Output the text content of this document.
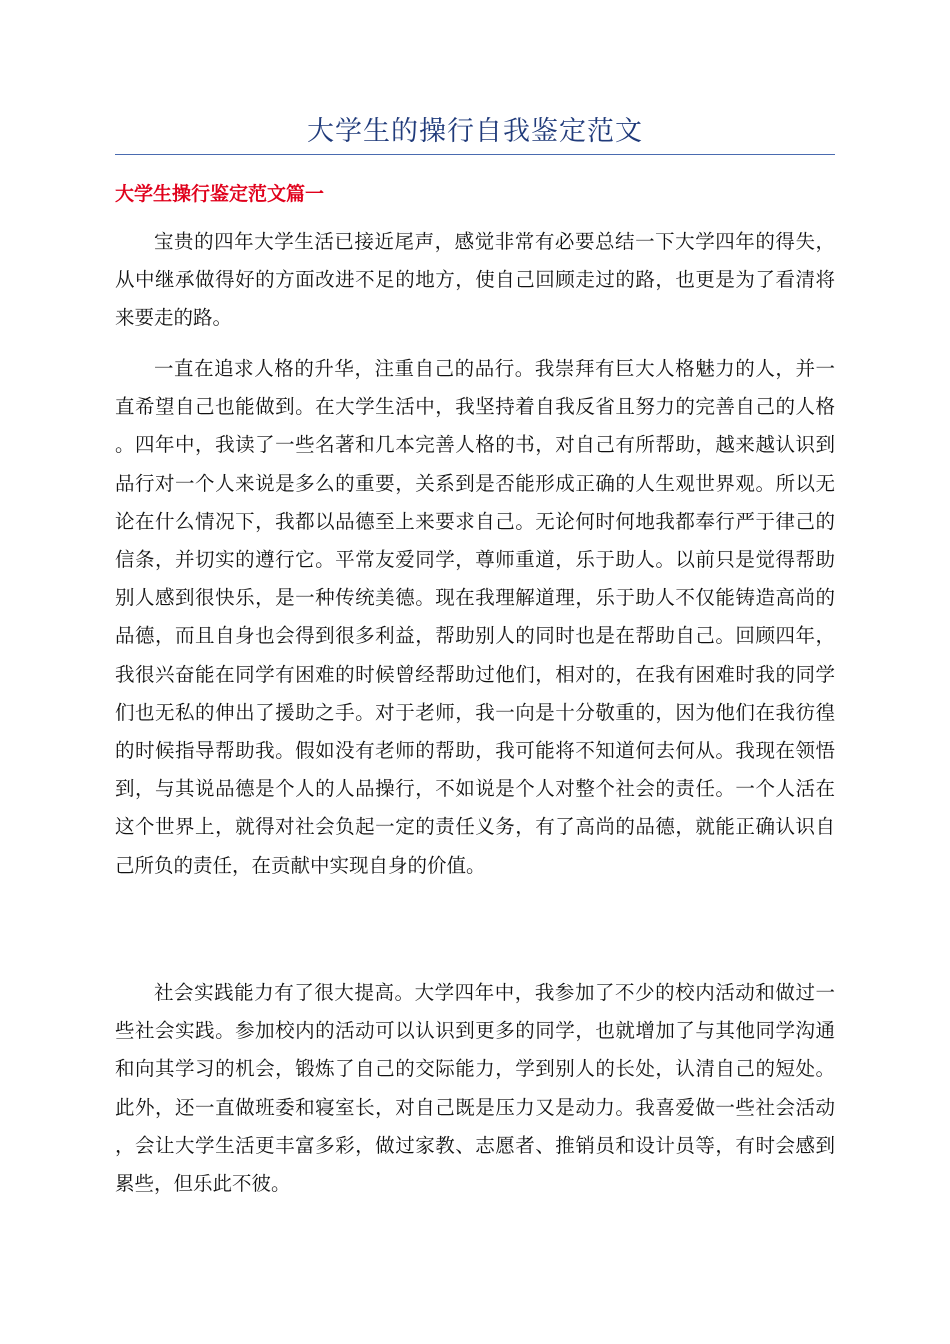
大学生的操行自我鉴定范文
大学生操行鉴定范文篇一

宝贵的四年大学生活已接近尾声，感觉非常有必要总结一下大学四年的得失，从中继承做得好的方面改进不足的地方，使自己回顾走过的路，也更是为了看清将来要走的路。

一直在追求人格的升华，注重自己的品行。我崇拜有巨大人格魅力的人，并一直希望自己也能做到。在大学生活中，我坚持着自我反省且努力的完善自己的人格。四年中，我读了一些名著和几本完善人格的书，对自己有所帮助，越来越认识到品行对一个人来说是多么的重要，关系到是否能形成正确的人生观世界观。所以无论在什么情况下，我都以品德至上来要求自己。无论何时何地我都奉行严于律己的信条，并切实的遵行它。平常友爱同学，尊师重道，乐于助人。以前只是觉得帮助别人感到很快乐，是一种传统美德。现在我理解道理，乐于助人不仅能铸造高尚的品德，而且自身也会得到很多利益，帮助别人的同时也是在帮助自己。回顾四年，我很兴奋能在同学有困难的时候曾经帮助过他们，相对的，在我有困难时我的同学们也无私的伸出了援助之手。对于老师，我一向是十分敬重的，因为他们在我彷徨的时候指导帮助我。假如没有老师的帮助，我可能将不知道何去何从。我现在领悟到，与其说品德是个人的人品操行，不如说是个人对整个社会的责任。一个人活在这个世界上，就得对社会负起一定的责任义务，有了高尚的品德，就能正确认识自己所负的责任，在贡献中实现自身的价值。

社会实践能力有了很大提高。大学四年中，我参加了不少的校内活动和做过一些社会实践。参加校内的活动可以认识到更多的同学，也就增加了与其他同学沟通和向其学习的机会，锻炼了自己的交际能力，学到别人的长处，认清自己的短处。此外，还一直做班委和寝室长，对自己既是压力又是动力。我喜爱做一些社会活动，会让大学生活更丰富多彩，做过家教、志愿者、推销员和设计员等，有时会感到累些，但乐此不彼。
